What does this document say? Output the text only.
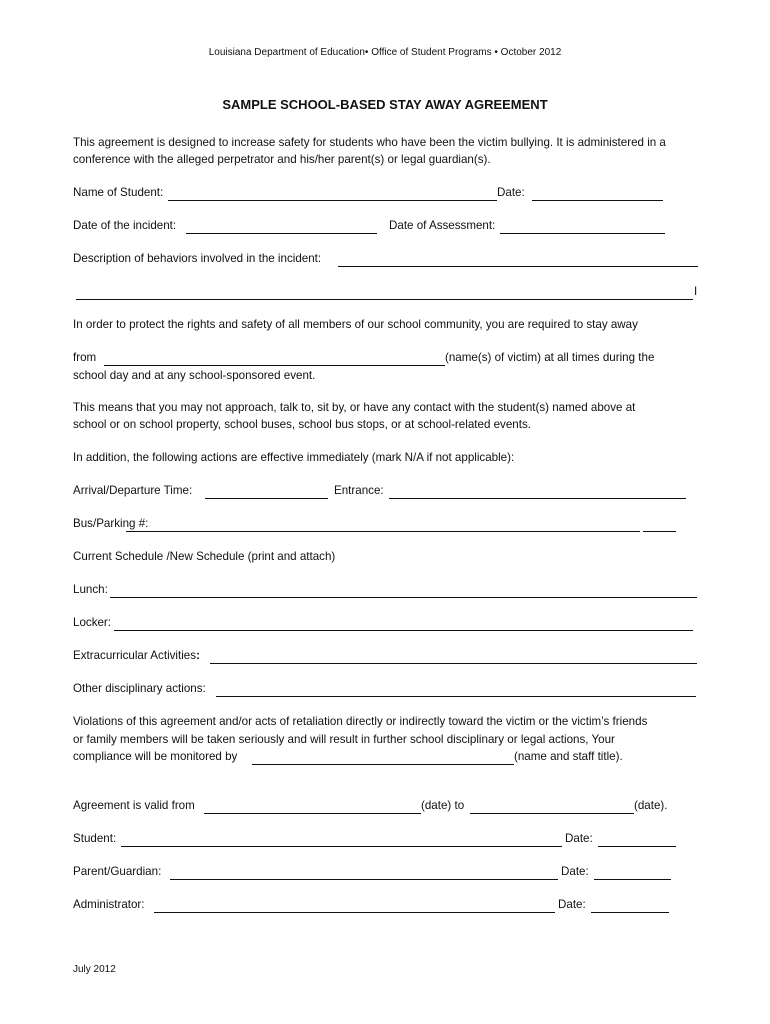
Louisiana Department of Education• Office of Student Programs • October 2012
SAMPLE SCHOOL-BASED STAY AWAY AGREEMENT
This agreement is designed to increase safety for students who have been the victim bullying. It is administered in a
conference with the alleged perpetrator and his/her parent(s) or legal guardian(s).
Name of Student:	Date:
Date of the incident:	Date of Assessment:
Description of behaviors involved in the incident:
I
In order to protect the rights and safety of all members of our school community, you are required to stay away
from	(name(s) of victim) at all times during the
school day and at any school-sponsored event.
This means that you may not approach, talk to, sit by, or have any contact with the student(s) named above at
school or on school property, school buses, school bus stops, or at school-related events.
In addition, the following actions are effective immediately (mark N/A if not applicable):
Arrival/Departure Time:	Entrance:
Bus/Parking #:
Current Schedule /New Schedule (print and attach)
Lunch:
Locker:
Extracurricular Activities:
Other disciplinary actions:
Violations of this agreement and/or acts of retaliation directly or indirectly toward the victim or the victim’s friends
or family members will be taken seriously and will result in further school disciplinary or legal actions, Your
compliance will be monitored by	(name and staff title).
Agreement is valid from	(date) to	(date).
Student:	Date:
Parent/Guardian:	Date:
Administrator:	Date:
July 2012
